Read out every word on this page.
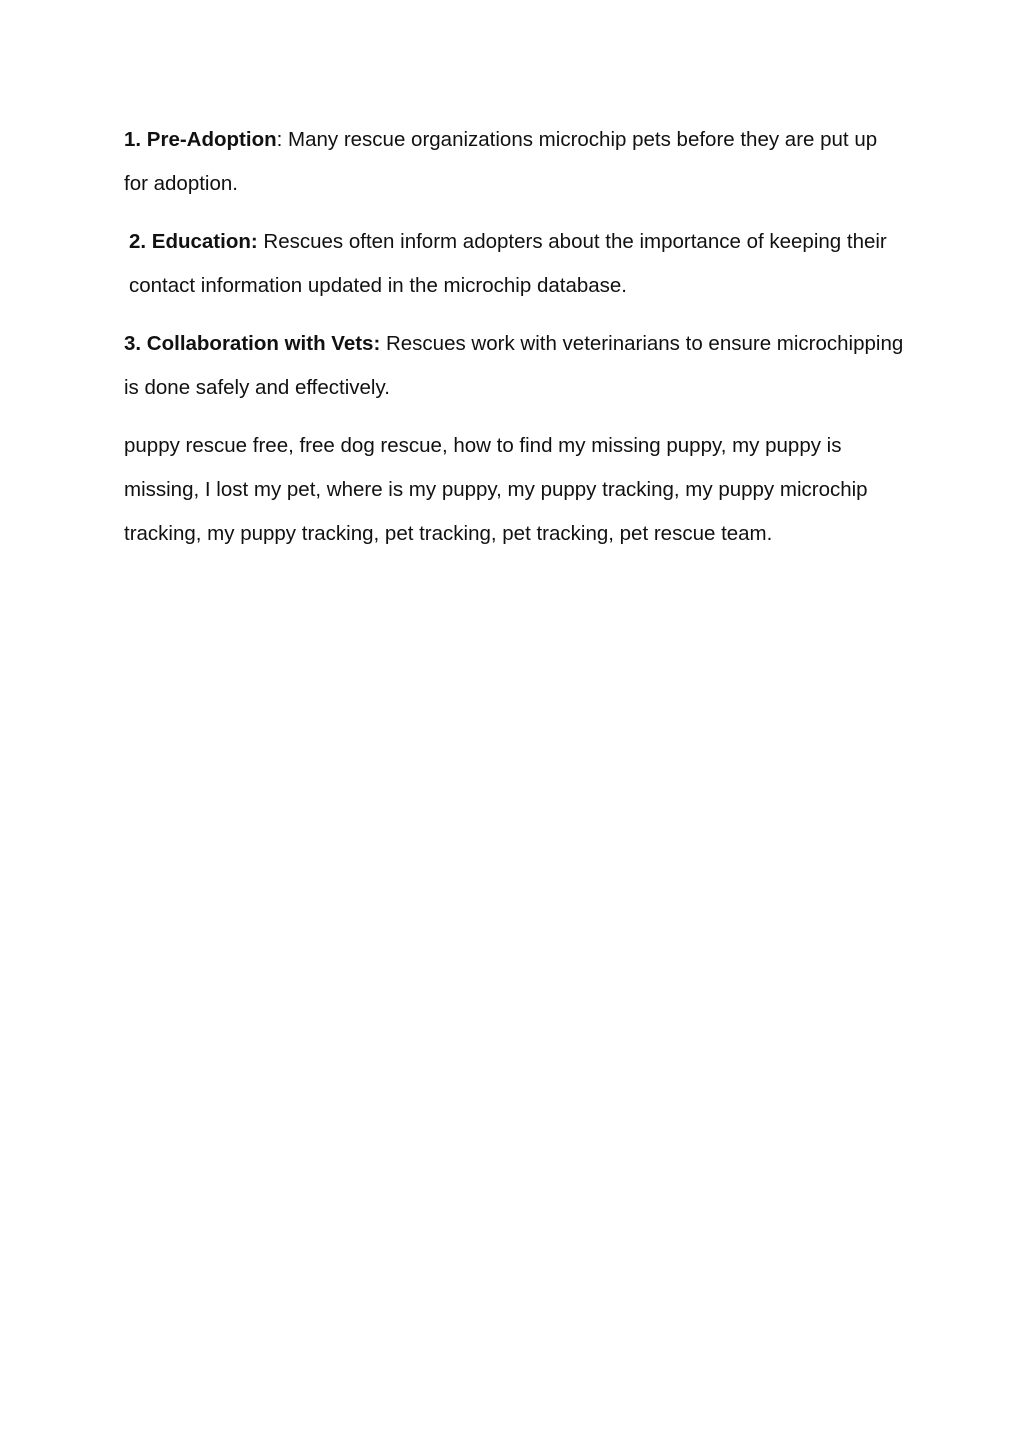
1. Pre-Adoption: Many rescue organizations microchip pets before they are put up for adoption.

2. Education: Rescues often inform adopters about the importance of keeping their contact information updated in the microchip database.

3. Collaboration with Vets: Rescues work with veterinarians to ensure microchipping is done safely and effectively.

puppy rescue free, free dog rescue, how to find my missing puppy, my puppy is missing, I lost my pet, where is my puppy, my puppy tracking, my puppy microchip tracking, my puppy tracking, pet tracking, pet tracking, pet rescue team.
